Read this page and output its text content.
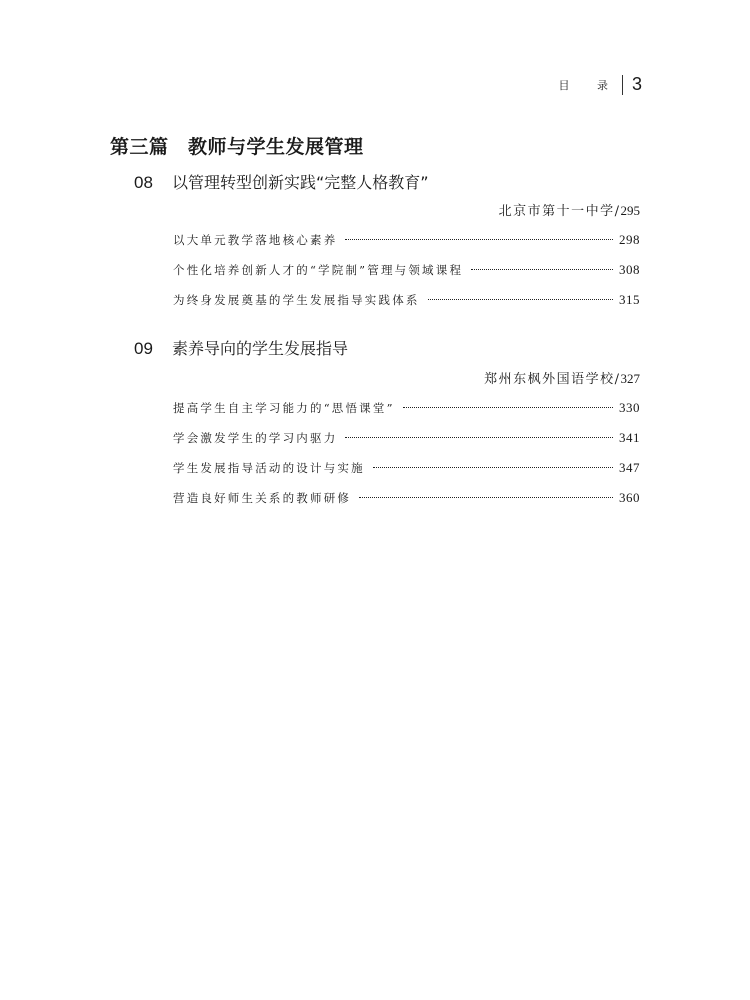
目 录 3
第三篇　教师与学生发展管理
08	以管理转型创新实践“完整人格教育”
北京市第十一中学/295
以大单元教学落地核心素养	298
个性化培养创新人才的“学院制”管理与领域课程	308
为终身发展奠基的学生发展指导实践体系	315
09	素养导向的学生发展指导
郑州东枫外国语学校/327
提高学生自主学习能力的“思悟课堂”	330
学会激发学生的学习内驱力	341
学生发展指导活动的设计与实施	347
营造良好师生关系的教师研修	360
